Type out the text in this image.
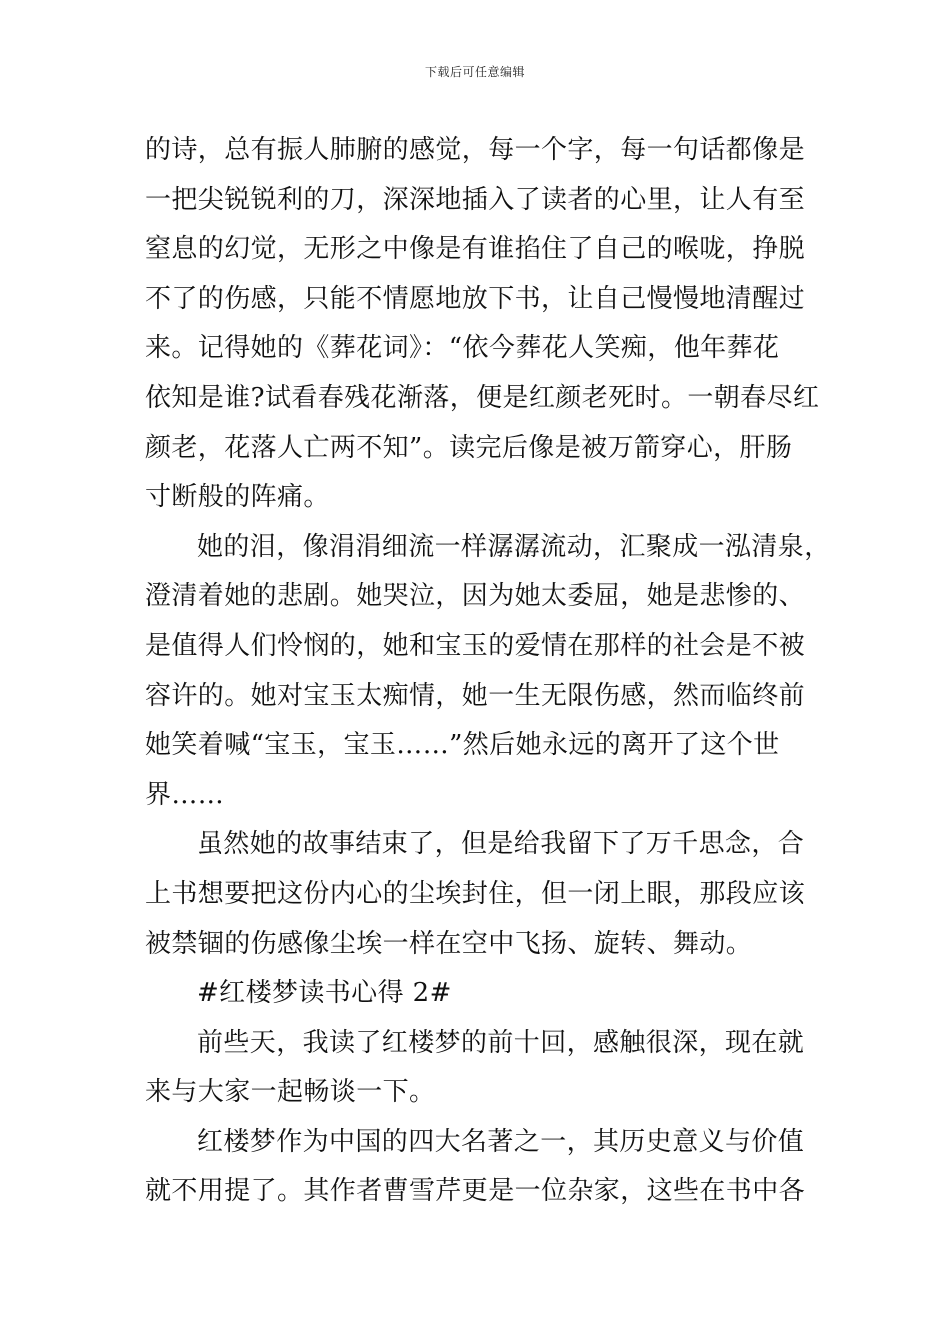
下载后可任意编辑
的诗，总有振人肺腑的感觉，每一个字，每一句话都像是
一把尖锐锐利的刀，深深地插入了读者的心里，让人有至
窒息的幻觉，无形之中像是有谁掐住了自己的喉咙，挣脱
不了的伤感，只能不情愿地放下书，让自己慢慢地清醒过
来。记得她的《葬花词》：“依今葬花人笑痴，他年葬花
依知是谁?试看春残花渐落，便是红颜老死时。一朝春尽红
颜老，花落人亡两不知”。读完后像是被万箭穿心，肝肠
寸断般的阵痛。
她的泪，像涓涓细流一样潺潺流动，汇聚成一泓清泉，
澄清着她的悲剧。她哭泣，因为她太委屈，她是悲惨的、
是值得人们怜悯的，她和宝玉的爱情在那样的社会是不被
容许的。她对宝玉太痴情，她一生无限伤感，然而临终前
她笑着喊“宝玉，宝玉……”然后她永远的离开了这个世
界……
虽然她的故事结束了，但是给我留下了万千思念，合
上书想要把这份内心的尘埃封住，但一闭上眼，那段应该
被禁锢的伤感像尘埃一样在空中飞扬、旋转、舞动。
#红楼梦读书心得 2#
前些天，我读了红楼梦的前十回，感触很深，现在就
来与大家一起畅谈一下。
红楼梦作为中国的四大名著之一，其历史意义与价值
就不用提了。其作者曹雪芹更是一位杂家，这些在书中各
